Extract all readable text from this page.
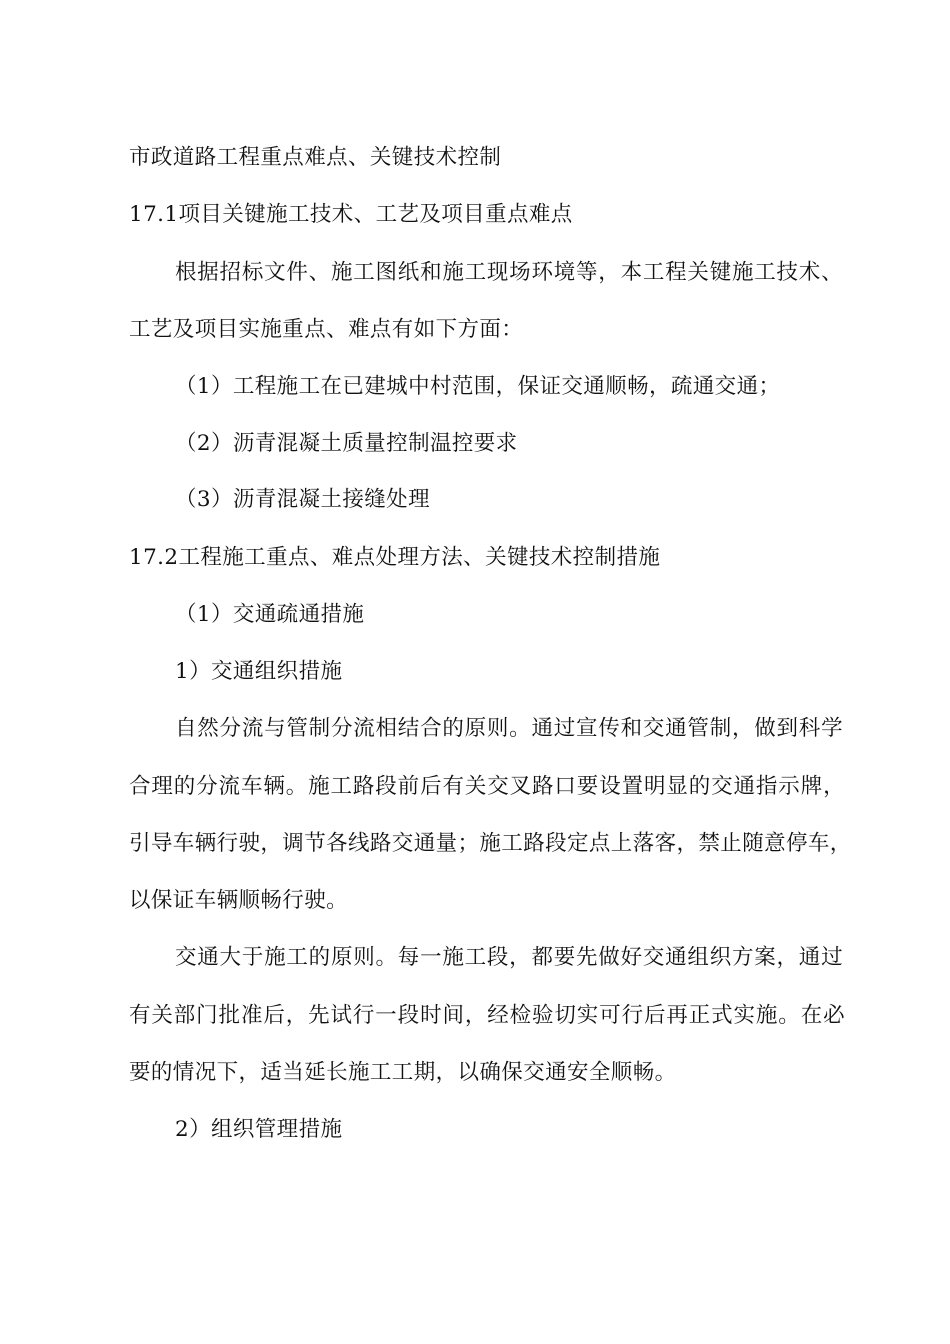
市政道路工程重点难点、关键技术控制
17.1项目关键施工技术、工艺及项目重点难点
根据招标文件、施工图纸和施工现场环境等，本工程关键施工技术、
工艺及项目实施重点、难点有如下方面：
（1）工程施工在已建城中村范围，保证交通顺畅，疏通交通；
（2）沥青混凝土质量控制温控要求
（3）沥青混凝土接缝处理
17.2工程施工重点、难点处理方法、关键技术控制措施
（1）交通疏通措施
1）交通组织措施
自然分流与管制分流相结合的原则。通过宣传和交通管制，做到科学
合理的分流车辆。施工路段前后有关交叉路口要设置明显的交通指示牌，
引导车辆行驶，调节各线路交通量；施工路段定点上落客，禁止随意停车，
以保证车辆顺畅行驶。
交通大于施工的原则。每一施工段，都要先做好交通组织方案，通过
有关部门批准后，先试行一段时间，经检验切实可行后再正式实施。在必
要的情况下，适当延长施工工期，以确保交通安全顺畅。
2）组织管理措施
